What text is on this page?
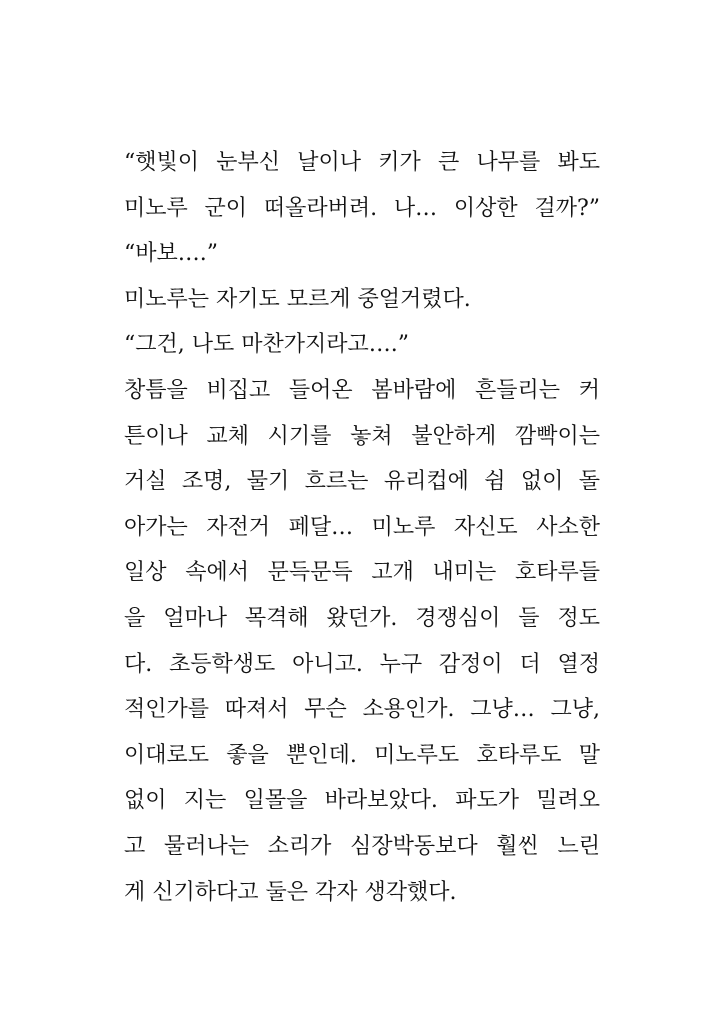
“햇빛이 눈부신 날이나 키가 큰 나무를 봐도
미노루 군이 떠올라버려. 나… 이상한 걸까?”
“바보….”
미노루는 자기도 모르게 중얼거렸다.
“그건, 나도 마찬가지라고….”
창틈을 비집고 들어온 봄바람에 흔들리는 커
튼이나 교체 시기를 놓쳐 불안하게 깜빡이는
거실 조명, 물기 흐르는 유리컵에 쉼 없이 돌
아가는 자전거 페달… 미노루 자신도 사소한
일상 속에서 문득문득 고개 내미는 호타루들
을 얼마나 목격해 왔던가. 경쟁심이 들 정도
다. 초등학생도 아니고. 누구 감정이 더 열정
적인가를 따져서 무슨 소용인가. 그냥… 그냥,
이대로도 좋을 뿐인데. 미노루도 호타루도 말
없이 지는 일몰을 바라보았다. 파도가 밀려오
고 물러나는 소리가 심장박동보다 훨씬 느린
게 신기하다고 둘은 각자 생각했다.
